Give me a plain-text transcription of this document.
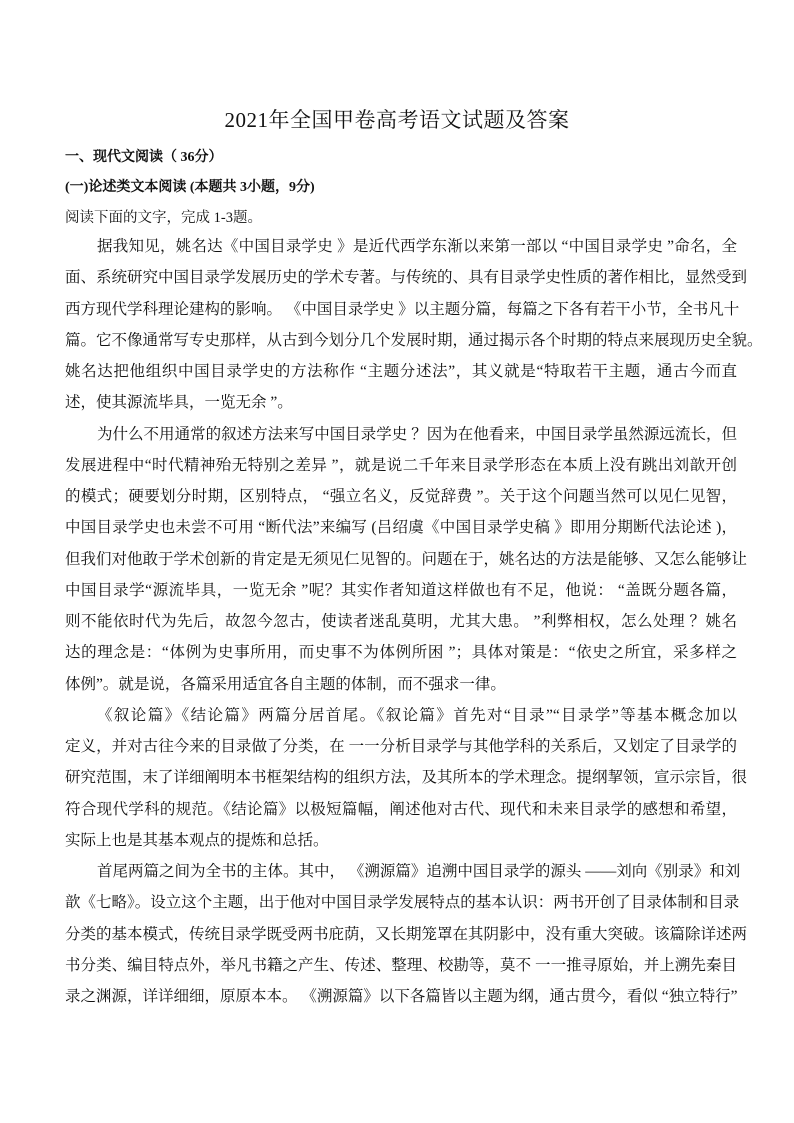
2021年全国甲卷高考语文试题及答案
一、现代文阅读（ 36分）
(一)论述类文本阅读 (本题共 3小题，9分)
阅读下面的文字，完成 1-3题。
据我知见，姚名达《中国目录学史 》是近代西学东渐以来第一部以 “中国目录学史 ”命名，全
面、系统研究中国目录学发展历史的学术专著。与传统的、具有目录学史性质的著作相比，显然受到
西方现代学科理论建构的影响。 《中国目录学史 》以主题分篇，每篇之下各有若干小节，全书凡十
篇。它不像通常写专史那样，从古到今划分几个发展时期，通过揭示各个时期的特点来展现历史全貌。
姚名达把他组织中国目录学史的方法称作 “主题分述法”，其义就是“特取若干主题，通古今而直
述，使其源流毕具，一览无余 ”。
为什么不用通常的叙述方法来写中国目录学史 ？因为在他看来，中国目录学虽然源远流长，但
发展进程中“时代精神殆无特别之差异 ”，就是说二千年来目录学形态在本质上没有跳出刘歆开创
的模式；硬要划分时期，区别特点， “强立名义，反觉辞费 ”。关于这个问题当然可以见仁见智，
中国目录学史也未尝不可用 “断代法”来编写 (吕绍虞《中国目录学史稿 》即用分期断代法论述 )，
但我们对他敢于学术创新的肯定是无须见仁见智的。问题在于，姚名达的方法是能够、又怎么能够让
中国目录学“源流毕具，一览无余 ”呢？其实作者知道这样做也有不足，他说： “盖既分题各篇，
则不能依时代为先后，故忽今忽古，使读者迷乱莫明，尤其大患。 ”利弊相权，怎么处理 ？姚名
达的理念是：“体例为史事所用，而史事不为体例所困 ”；具体对策是：“依史之所宜，采多样之
体例”。就是说，各篇采用适宜各自主题的体制，而不强求一律。
《叙论篇》《结论篇》两篇分居首尾。《叙论篇》首先对“目录”“目录学”等基本概念加以
定义，并对古往今来的目录做了分类，在 一一分析目录学与其他学科的关系后，又划定了目录学的
研究范围，末了详细阐明本书框架结构的组织方法，及其所本的学术理念。提纲挈领，宣示宗旨，很
符合现代学科的规范。《结论篇》以极短篇幅，阐述他对古代、现代和未来目录学的感想和希望，
实际上也是其基本观点的提炼和总括。
首尾两篇之间为全书的主体。其中， 《溯源篇》追溯中国目录学的源头 ——刘向《别录》和刘
歆《七略》。设立这个主题，出于他对中国目录学发展特点的基本认识：两书开创了目录体制和目录
分类的基本模式，传统目录学既受两书庇荫，又长期笼罩在其阴影中，没有重大突破。该篇除详述两
书分类、编目特点外，举凡书籍之产生、传述、整理、校勘等，莫不 一一推寻原始，并上溯先秦目
录之渊源，详详细细，原原本本。 《溯源篇》以下各篇皆以主题为纲，通古贯今，看似 “独立特行”
